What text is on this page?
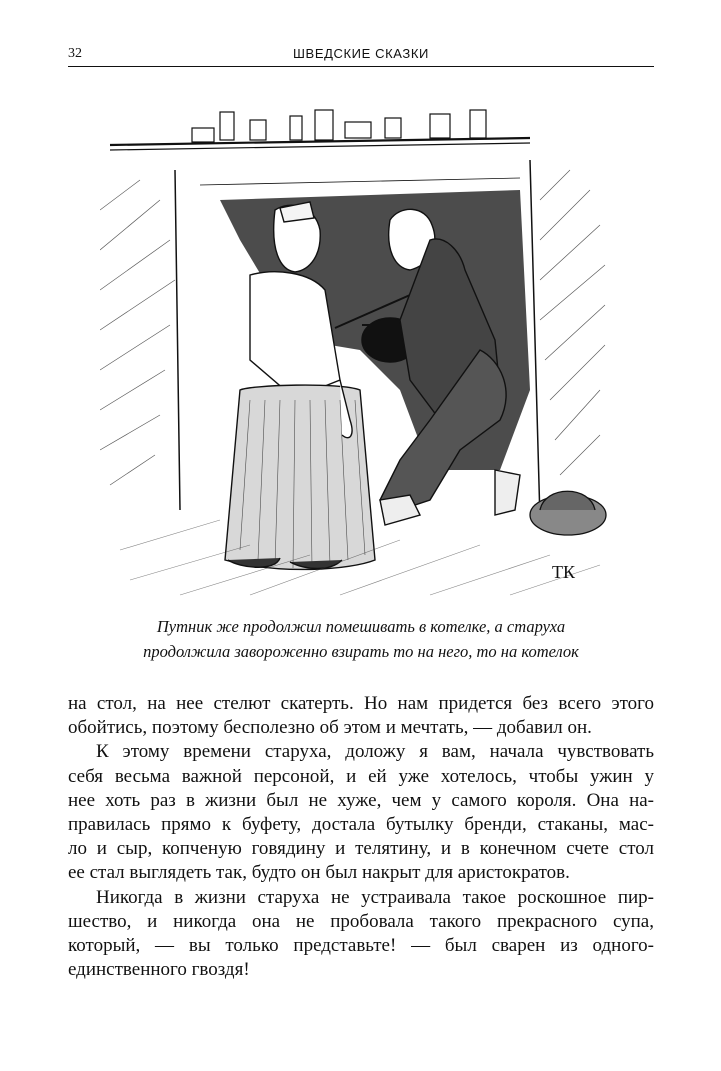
32	ШВЕДСКИЕ СКАЗКИ
ТК
Путник же продолжил помешивать в котелке, а старуха
продолжила завороженно взирать то на него, то на котелок
на стол, на нее стелют скатерть. Но нам придется без всего этого
обойтись, поэтому бесполезно об этом и мечтать, — добавил он.
К этому времени старуха, доложу я вам, начала чувствовать
себя весьма важной персоной, и ей уже хотелось, чтобы ужин у
нее хоть раз в жизни был не хуже, чем у самого короля. Она на-
правилась прямо к буфету, достала бутылку бренди, стаканы, мас-
ло и сыр, копченую говядину и телятину, и в конечном счете стол
ее стал выглядеть так, будто он был накрыт для аристократов.
Никогда в жизни старуха не устраивала такое роскошное пир-
шество, и никогда она не пробовала такого прекрасного супа,
который, — вы только представьте! — был сварен из одного-
единственного гвоздя!
